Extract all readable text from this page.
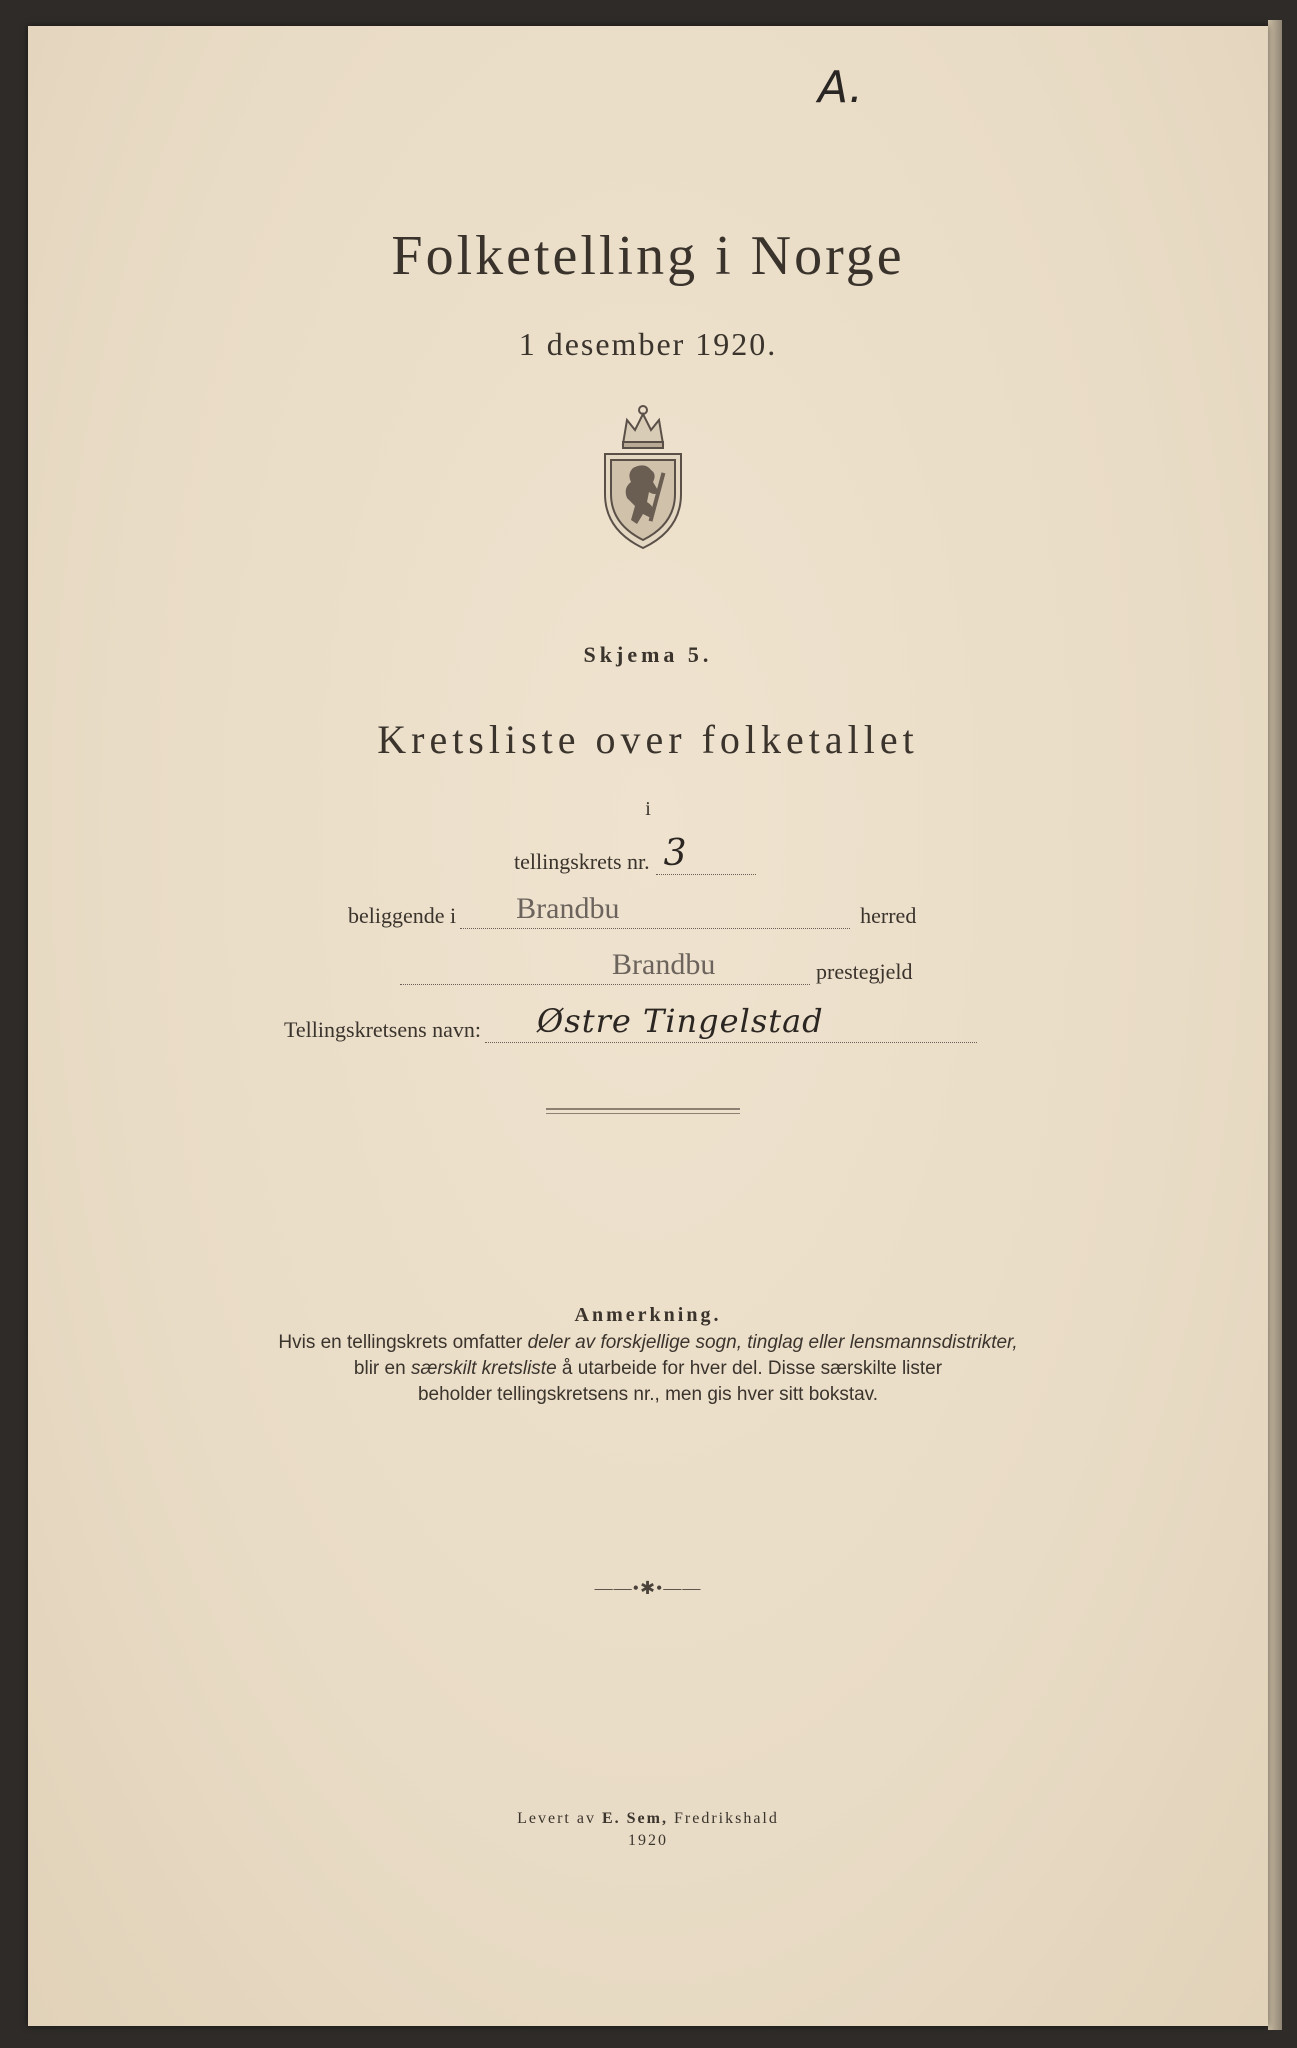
A.
Folketelling i Norge
1 desember 1920.
Skjema 5.
Kretsliste over folketallet
i
tellingskrets nr. 3
beliggende i Brandbu	herred
Brandbu	prestegjeld
Tellingskretsens navn: Østre Tingelstad
Anmerkning.
Hvis en tellingskrets omfatter deler av forskjellige sogn, tinglag eller lensmannsdistrikter,
blir en særskilt kretsliste å utarbeide for hver del. Disse særskilte lister
beholder tellingskretsens nr., men gis hver sitt bokstav.
——•✱•——
Levert av E. Sem, Fredrikshald
1920
